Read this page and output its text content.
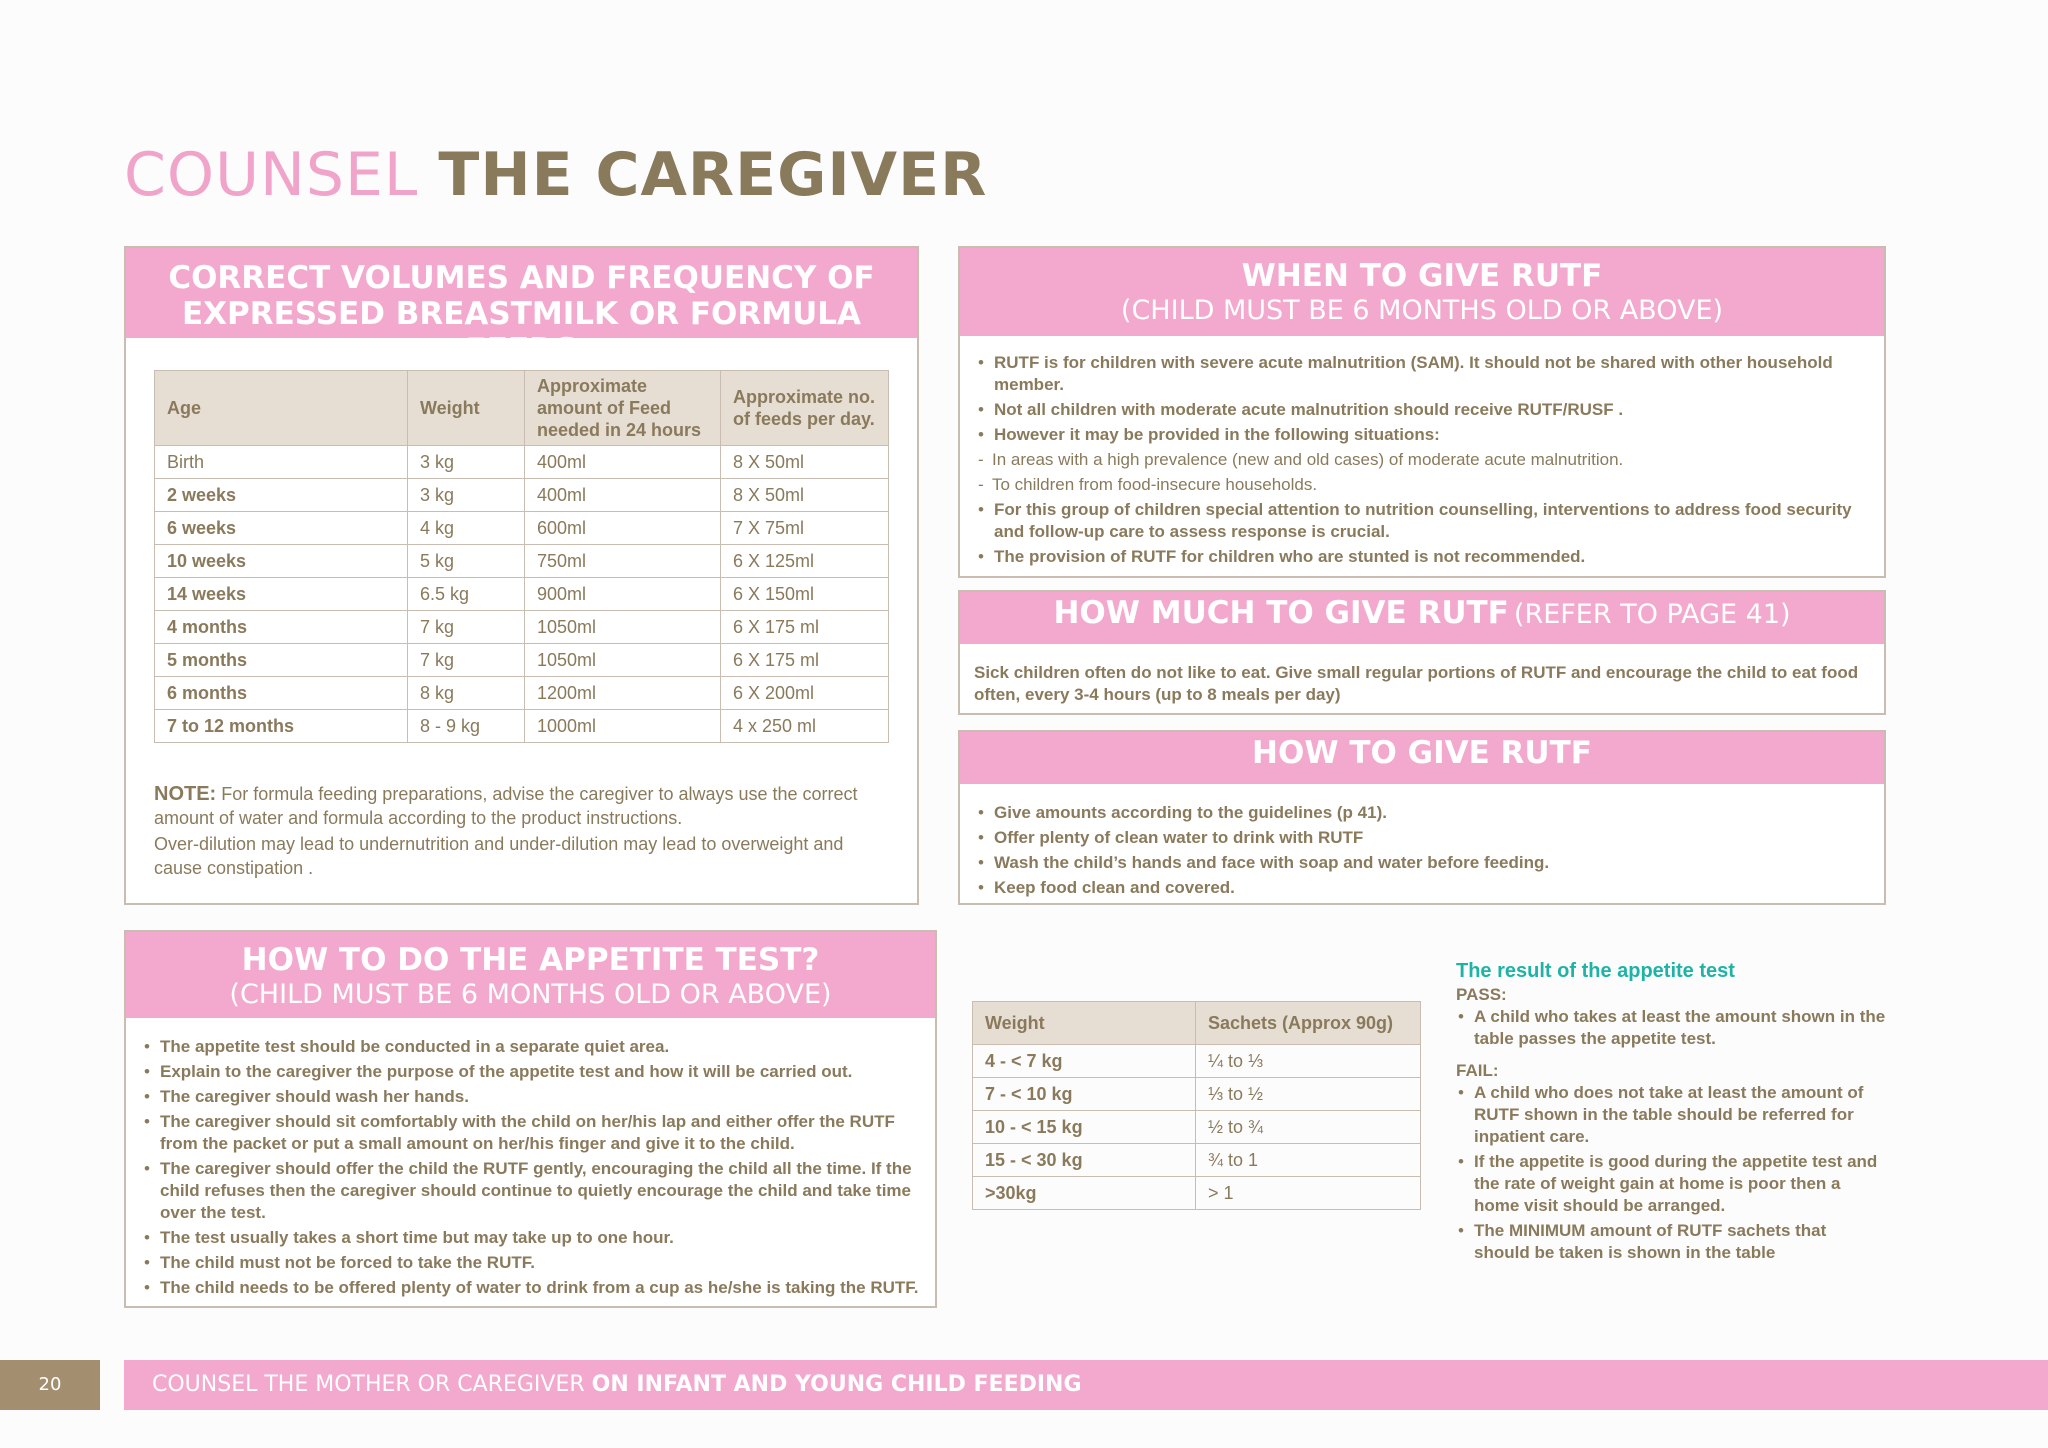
COUNSEL THE CAREGIVER
CORRECT VOLUMES AND FREQUENCY OF
EXPRESSED BREASTMILK OR FORMULA FEEDS
Age	Weight	Approximate amount of Feed needed in 24 hours	Approximate no. of feeds per day.
Birth	3 kg	400ml	8 X 50ml
2 weeks	3 kg	400ml	8 X 50ml
6 weeks	4 kg	600ml	7 X 75ml
10 weeks	5 kg	750ml	6 X 125ml
14 weeks	6.5 kg	900ml	6 X 150ml
4 months	7 kg	1050ml	6 X 175 ml
5 months	7 kg	1050ml	6 X 175 ml
6 months	8 kg	1200ml	6 X 200ml
7 to 12 months	8 - 9 kg	1000ml	4 x 250 ml
NOTE: For formula feeding preparations, advise the caregiver to always use the correct amount of water and formula according to the product instructions.
Over-dilution may lead to undernutrition and under-dilution may lead to overweight and cause constipation .
HOW TO DO THE APPETITE TEST?
(CHILD MUST BE 6 MONTHS OLD OR ABOVE)
• The appetite test should be conducted in a separate quiet area.
• Explain to the caregiver the purpose of the appetite test and how it will be carried out.
• The caregiver should wash her hands.
• The caregiver should sit comfortably with the child on her/his lap and either offer the RUTF from the packet or put a small amount on her/his finger and give it to the child.
• The caregiver should offer the child the RUTF gently, encouraging the child all the time. If the child refuses then the caregiver should continue to quietly encourage the child and take time over the test.
• The test usually takes a short time but may take up to one hour.
• The child must not be forced to take the RUTF.
• The child needs to be offered plenty of water to drink from a cup as he/she is taking the RUTF.
WHEN TO GIVE RUTF
(CHILD MUST BE 6 MONTHS OLD OR ABOVE)
• RUTF is for children with severe acute malnutrition (SAM). It should not be shared with other household member.
• Not all children with moderate acute malnutrition should receive RUTF/RUSF .
• However it may be provided in the following situations:
- In areas with a high prevalence (new and old cases) of moderate acute malnutrition.
- To children from food-insecure households.
• For this group of children special attention to nutrition counselling, interventions to address food security and follow-up care to assess response is crucial.
• The provision of RUTF for children who are stunted is not recommended.
HOW MUCH TO GIVE RUTF (REFER TO PAGE 41)
Sick children often do not like to eat. Give small regular portions of RUTF and encourage the child to eat food often, every 3-4 hours (up to 8 meals per day)
HOW TO GIVE RUTF
• Give amounts according to the guidelines (p 41).
• Offer plenty of clean water to drink with RUTF
• Wash the child’s hands and face with soap and water before feeding.
• Keep food clean and covered.
Weight	Sachets (Approx 90g)
4 - < 7 kg	¼ to ⅓
7 - < 10 kg	⅓ to ½
10 - < 15 kg	½ to ¾
15 - < 30 kg	¾ to 1
>30kg	> 1
The result of the appetite test
PASS:
• A child who takes at least the amount shown in the table passes the appetite test.
FAIL:
• A child who does not take at least the amount of RUTF shown in the table should be referred for inpatient care.
• If the appetite is good during the appetite test and the rate of weight gain at home is poor then a home visit should be arranged.
• The MINIMUM amount of RUTF sachets that should be taken is shown in the table
20	COUNSEL THE MOTHER OR CAREGIVER ON INFANT AND YOUNG CHILD FEEDING
